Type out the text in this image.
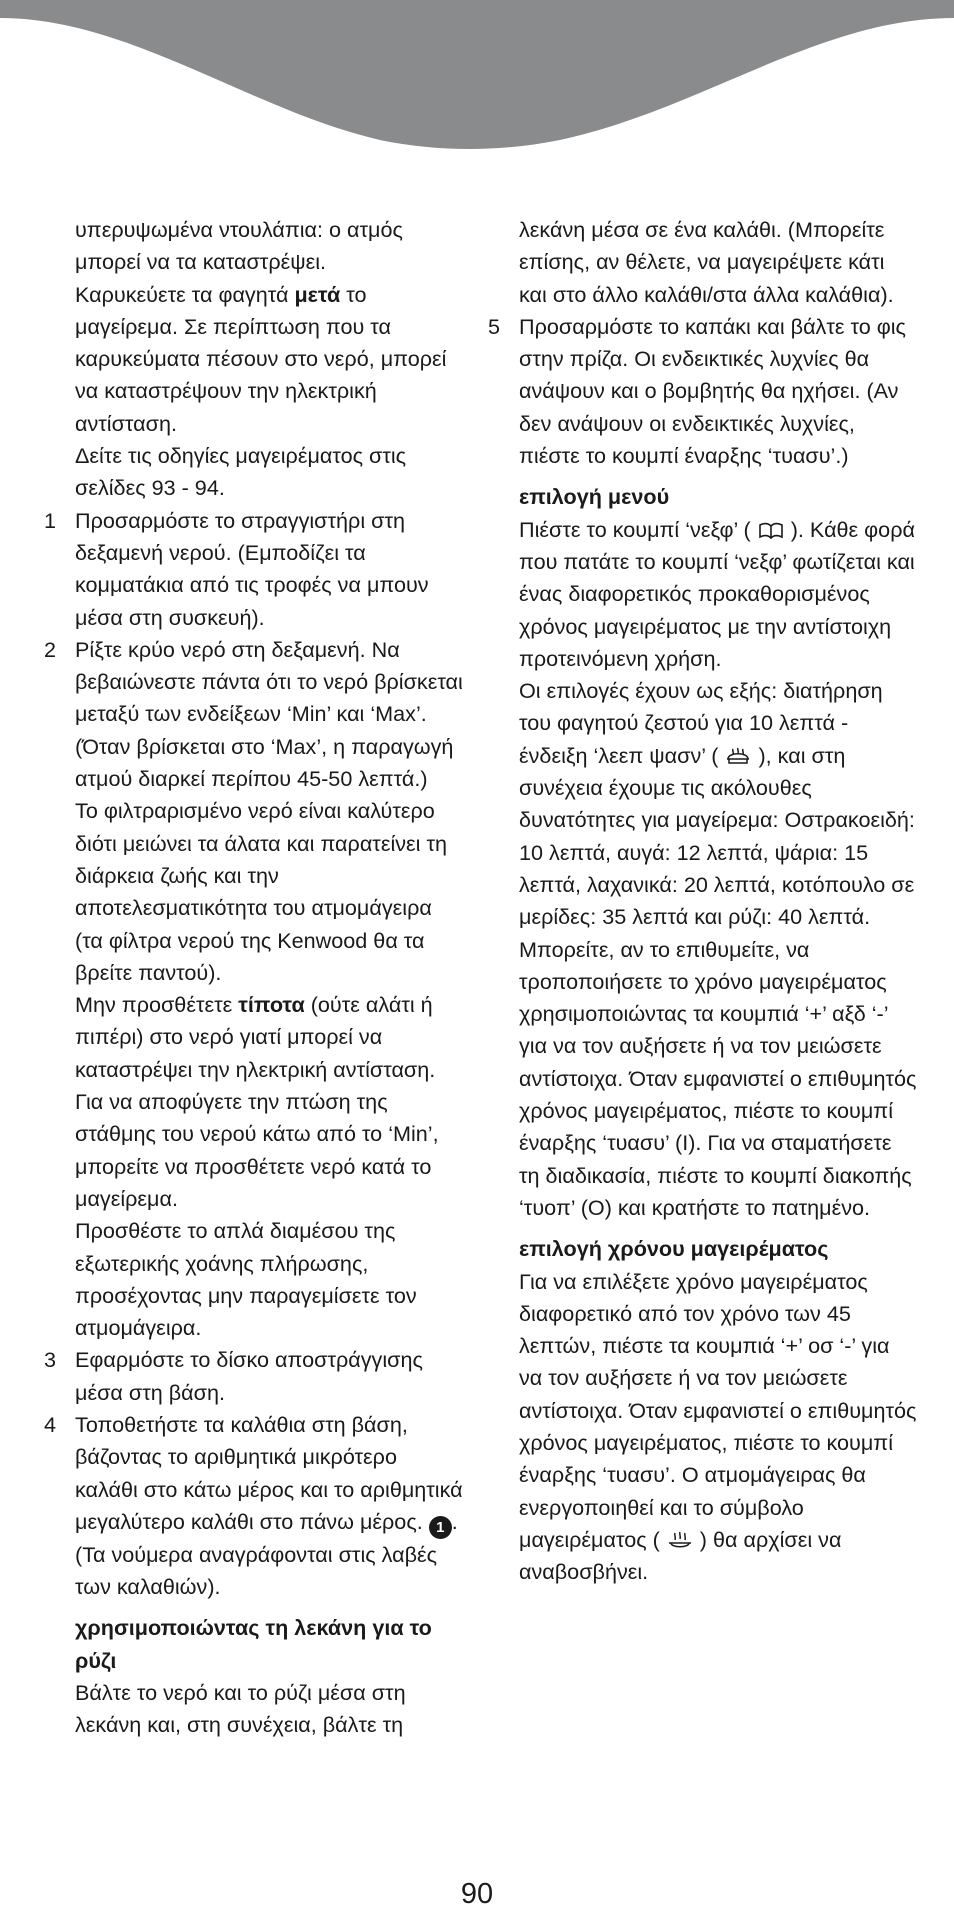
υπερυψωμένα ντουλάπια: ο ατμός μπορεί να τα καταστρέψει.

Καρυκεύετε τα φαγητά μετά το μαγείρεμα. Σε περίπτωση που τα καρυκεύματα πέσουν στο νερό, μπορεί να καταστρέψουν την ηλεκτρική αντίσταση.

Δείτε τις οδηγίες μαγειρέματος στις σελίδες 93 - 94.

1 Προσαρμόστε το στραγγιστήρι στη δεξαμενή νερού. (Εμποδίζει τα κομματάκια από τις τροφές να μπουν μέσα στη συσκευή).
2 Ρίξτε κρύο νερό στη δεξαμενή. Να βεβαιώνεστε πάντα ότι το νερό βρίσκεται μεταξύ των ενδείξεων ‘Min’ και ‘Max’. (Όταν βρίσκεται στο ‘Max’, η παραγωγή ατμού διαρκεί περίπου 45-50 λεπτά.)

Το φιλτραρισμένο νερό είναι καλύτερο διότι μειώνει τα άλατα και παρατείνει τη διάρκεια ζωής και την αποτελεσματικότητα του ατμομάγειρα (τα φίλτρα νερού της Kenwood θα τα βρείτε παντού).

Μην προσθέτετε τίποτα (ούτε αλάτι ή πιπέρι) στο νερό γιατί μπορεί να καταστρέψει την ηλεκτρική αντίσταση.

Για να αποφύγετε την πτώση της στάθμης του νερού κάτω από το ‘Min’, μπορείτε να προσθέτετε νερό κατά το μαγείρεμα.

Προσθέστε το απλά διαμέσου της εξωτερικής χοάνης πλήρωσης, προσέχοντας μην παραγεμίσετε τον ατμομάγειρα.

3 Εφαρμόστε το δίσκο αποστράγγισης μέσα στη βάση.
4 Τοποθετήστε τα καλάθια στη βάση, βάζοντας το αριθμητικά μικρότερο καλάθι στο κάτω μέρος και το αριθμητικά μεγαλύτερο καλάθι στο πάνω μέρος. 1 . (Τα νούμερα αναγράφονται στις λαβές των καλαθιών).

χρησιμοποιώντας τη λεκάνη για το ρύζι

Βάλτε το νερό και το ρύζι μέσα στη λεκάνη και, στη συνέχεια, βάλτε τη

λεκάνη μέσα σε ένα καλάθι. (Μπορείτε επίσης, αν θέλετε, να μαγειρέψετε κάτι και στο άλλο καλάθι/στα άλλα καλάθια).

5 Προσαρμόστε το καπάκι και βάλτε το φις στην πρίζα. Οι ενδεικτικές λυχνίες θα ανάψουν και ο βομβητής θα ηχήσει. (Αν δεν ανάψουν οι ενδεικτικές λυχνίες, πιέστε το κουμπί έναρξης ‘τυασυ’.)

επιλογή μενού

Πιέστε το κουμπί ‘νεξφ’ (  ). Κάθε φορά που πατάτε το κουμπί ‘νεξφ’ φωτίζεται και ένας διαφορετικός προκαθορισμένος χρόνος μαγειρέματος με την αντίστοιχη προτεινόμενη χρήση.

Οι επιλογές έχουν ως εξής: διατήρηση του φαγητού ζεστού για 10 λεπτά - ένδειξη ‘λεεπ ψασν’ (  ), και στη συνέχεια έχουμε τις ακόλουθες δυνατότητες για μαγείρεμα: Οστρακοειδή: 10 λεπτά, αυγά: 12 λεπτά, ψάρια: 15 λεπτά, λαχανικά: 20 λεπτά, κοτόπουλο σε μερίδες: 35 λεπτά και ρύζι: 40 λεπτά. Μπορείτε, αν το επιθυμείτε, να τροποποιήσετε το χρόνο μαγειρέματος χρησιμοποιώντας τα κουμπιά ‘+’ αξδ ‘-’ για να τον αυξήσετε ή να τον μειώσετε αντίστοιχα. Όταν εμφανιστεί ο επιθυμητός χρόνος μαγειρέματος, πιέστε το κουμπί έναρξης ‘τυασυ’ (I). Για να σταματήσετε τη διαδικασία, πιέστε το κουμπί διακοπής ‘τυοπ’ (O) και κρατήστε το πατημένο.

επιλογή χρόνου μαγειρέματος

Για να επιλέξετε χρόνο μαγειρέματος διαφορετικό από τον χρόνο των 45 λεπτών, πιέστε τα κουμπιά ‘+’ οσ ‘-’ για να τον αυξήσετε ή να τον μειώσετε αντίστοιχα. Όταν εμφανιστεί ο επιθυμητός χρόνος μαγειρέματος, πιέστε το κουμπί έναρξης ‘τυασυ’. Ο ατμομάγειρας θα ενεργοποιηθεί και το σύμβολο μαγειρέματος (  ) θα αρχίσει να αναβοσβήνει.

90
